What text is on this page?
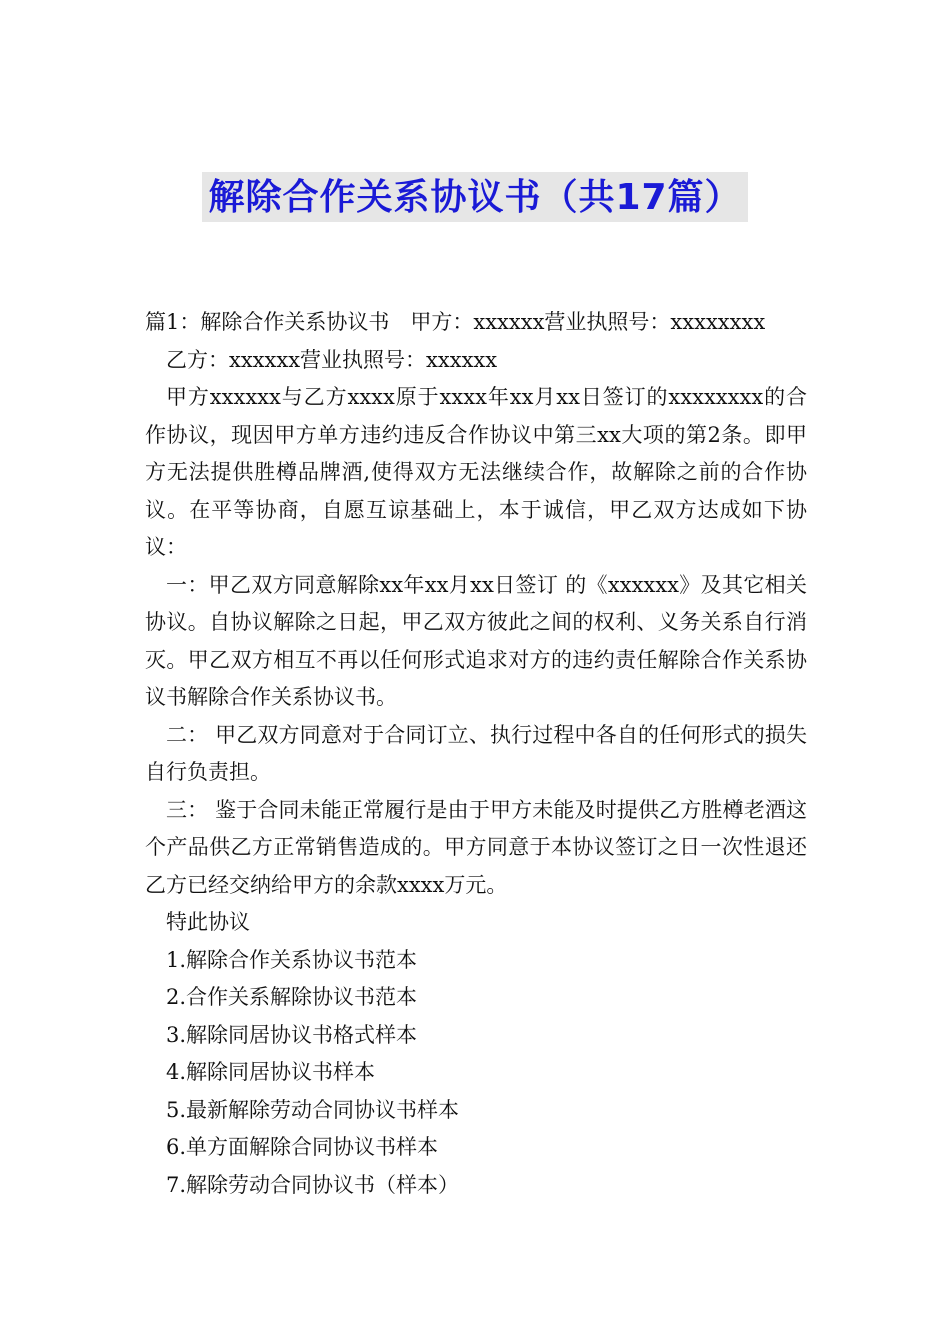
解除合作关系协议书（共17篇）

篇1：解除合作关系协议书　甲方：xxxxxx营业执照号：xxxxxxxx

乙方：xxxxxx营业执照号：xxxxxx

甲方xxxxxx与乙方xxxx原于xxxx年xx月xx日签订的xxxxxxxx的合作协议，现因甲方单方违约违反合作协议中第三xx大项的第2条。即甲方无法提供胜樽品牌酒,使得双方无法继续合作，故解除之前的合作协议。在平等协商，自愿互谅基础上，本于诚信，甲乙双方达成如下协议：

一：甲乙双方同意解除xx年xx月xx日签订 的《xxxxxx》及其它相关协议。自协议解除之日起，甲乙双方彼此之间的权利、义务关系自行消灭。甲乙双方相互不再以任何形式追求对方的违约责任解除合作关系协议书解除合作关系协议书。

二： 甲乙双方同意对于合同订立、执行过程中各自的任何形式的损失自行负责担。

三： 鉴于合同未能正常履行是由于甲方未能及时提供乙方胜樽老酒这个产品供乙方正常销售造成的。甲方同意于本协议签订之日一次性退还乙方已经交纳给甲方的余款xxxx万元。

特此协议

1.解除合作关系协议书范本

2.合作关系解除协议书范本

3.解除同居协议书格式样本

4.解除同居协议书样本

5.最新解除劳动合同协议书样本

6.单方面解除合同协议书样本

7.解除劳动合同协议书（样本）
